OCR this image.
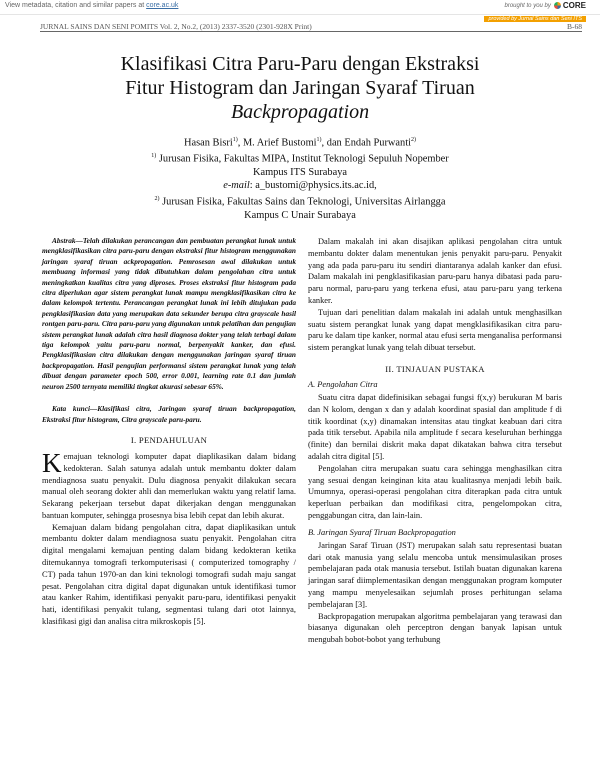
View metadata, citation and similar papers at core.ac.uk	brought to you by CORE
provided by Jurnal Sains dan Seni ITS
JURNAL SAINS DAN SENI POMITS Vol. 2, No.2, (2013) 2337-3520 (2301-928X Print)	B-68
Klasifikasi Citra Paru-Paru dengan Ekstraksi
Fitur Histogram dan Jaringan Syaraf Tiruan
Backpropagation
Hasan Bisri$^{1)}$, M. Arief Bustomi$^{1)}$, dan Endah Purwanti$^{2)}$
$^{1)}$ Jurusan Fisika, Fakultas MIPA, Institut Teknologi Sepuluh Nopember
Kampus ITS Surabaya
e-mail: a_bustomi@physics.its.ac.id,
$^{2)}$ Jurusan Fisika, Fakultas Sains dan Teknologi, Universitas Airlangga
Kampus C Unair Surabaya

Abstrak—Telah dilakukan perancangan dan pembuatan perangkat lunak untuk mengklasifikasikan citra paru-paru dengan ekstraksi fitur histogram menggunakan jaringan syaraf tiruan ackpropagation. Pemrosesan awal dilakukan untuk membuang informasi yang tidak dibutuhkan dalam pengolahan citra untuk meningkatkan kualitas citra yang diproses. Proses ekstraksi fitur histogram pada citra diperlukan agar sistem perangkat lunak mampu mengklasifikasikan citra ke dalam kelompok tertentu. Perancangan perangkat lunak ini lebih ditujukan pada pengklasifikasian data yang merupakan data sekunder berupa citra grayscale hasil rontgen paru-paru. Citra paru-paru yang digunakan untuk pelatihan dan pengujian sistem perangkat lunak adalah citra hasil diagnosa dokter yang telah terbagi dalam tiga kelompok yaitu paru-paru normal, berpenyakit kanker, dan efusi. Pengklasifikasian citra dilakukan dengan menggunakan jaringan syaraf tiruan backpropagation. Hasil pengujian performansi sistem perangkat lunak yang telah dibuat dengan parameter epoch 500, error 0.001, learning rate 0.1 dan jumlah neuron 2500 ternyata memiliki tingkat akurasi sebesar 65%.

Kata kunci—Klasifikasi citra, Jaringan syaraf tiruan backpropagation, Ekstraksi fitur histogram, Citra grayscale paru-paru.

I. PENDAHULUAN

Kemajuan teknologi komputer dapat diaplikasikan dalam bidang kedokteran. Salah satunya adalah untuk membantu dokter dalam mendiagnosa suatu penyakit. Dulu diagnosa penyakit dilakukan secara manual oleh seorang dokter ahli dan memerlukan waktu yang relatif lama. Sekarang pekerjaan tersebut dapat dikerjakan dengan menggunakan bantuan komputer, sehingga prosesnya bisa lebih cepat dan lebih akurat.

Kemajuan dalam bidang pengolahan citra, dapat diaplikasikan untuk membantu dokter dalam mendiagnosa suatu penyakit. Pengolahan citra digital mengalami kemajuan penting dalam bidang kedokteran ketika ditemukannya tomografi terkomputerisasi ( computerized tomography / CT) pada tahun 1970-an dan kini teknologi tomografi sudah maju sangat pesat. Pengolahan citra digital dapat digunakan untuk identifikasi tumor atau kanker Rahim, identifikasi penyakit paru-paru, identifikasi penyakit hati, identifikasi penyakit tulang, segmentasi tulang dari otot lainnya, klasifikasi gigi dan analisa citra mikroskopis [5].

Dalam makalah ini akan disajikan aplikasi pengolahan citra untuk membantu dokter dalam menentukan jenis penyakit paru-paru. Penyakit yang ada pada paru-paru itu sendiri diantaranya adalah kanker dan efusi. Dalam makalah ini pengklasifikasian paru-paru hanya dibatasi pada paru-paru normal, paru-paru yang terkena efusi, atau paru-paru yang terkena kanker.

Tujuan dari penelitian dalam makalah ini adalah untuk menghasilkan suatu sistem perangkat lunak yang dapat mengklasifikasikan citra paru-paru ke dalam tipe kanker, normal atau efusi serta menganalisa performansi sistem perangkat lunak yang telah dibuat tersebut.

II. TINJAUAN PUSTAKA
A. Pengolahan Citra

Suatu citra dapat didefinisikan sebagai fungsi f(x,y) berukuran M baris dan N kolom, dengan x dan y adalah koordinat spasial dan amplitude f di titik koordinat (x,y) dinamakan intensitas atau tingkat keabuan dari citra pada titik tersebut. Apabila nila amplitude f secara keseluruhan berhingga (finite) dan bernilai diskrit maka dapat dikatakan bahwa citra tersebut adalah citra digital [5].

Pengolahan citra merupakan suatu cara sehingga menghasilkan citra yang sesuai dengan keinginan kita atau kualitasnya menjadi lebih baik. Umumnya, operasi-operasi pengolahan citra diterapkan pada citra untuk keperluan perbaikan dan modifikasi citra, pengelompokan citra, penggabungan citra, dan lain-lain.

B. Jaringan Syaraf Tiruan Backpropagation

Jaringan Saraf Tiruan (JST) merupakan salah satu representasi buatan dari otak manusia yang selalu mencoba untuk mensimulasikan proses pembelajaran pada otak manusia tersebut. Istilah buatan digunakan karena jaringan saraf diimplementasikan dengan menggunakan program komputer yang mampu menyelesaikan sejumlah proses perhitungan selama pembelajaran [3].

Backpropagation merupakan algoritma pembelajaran yang terawasi dan biasanya digunakan oleh perceptron dengan banyak lapisan untuk mengubah bobot-bobot yang terhubung
